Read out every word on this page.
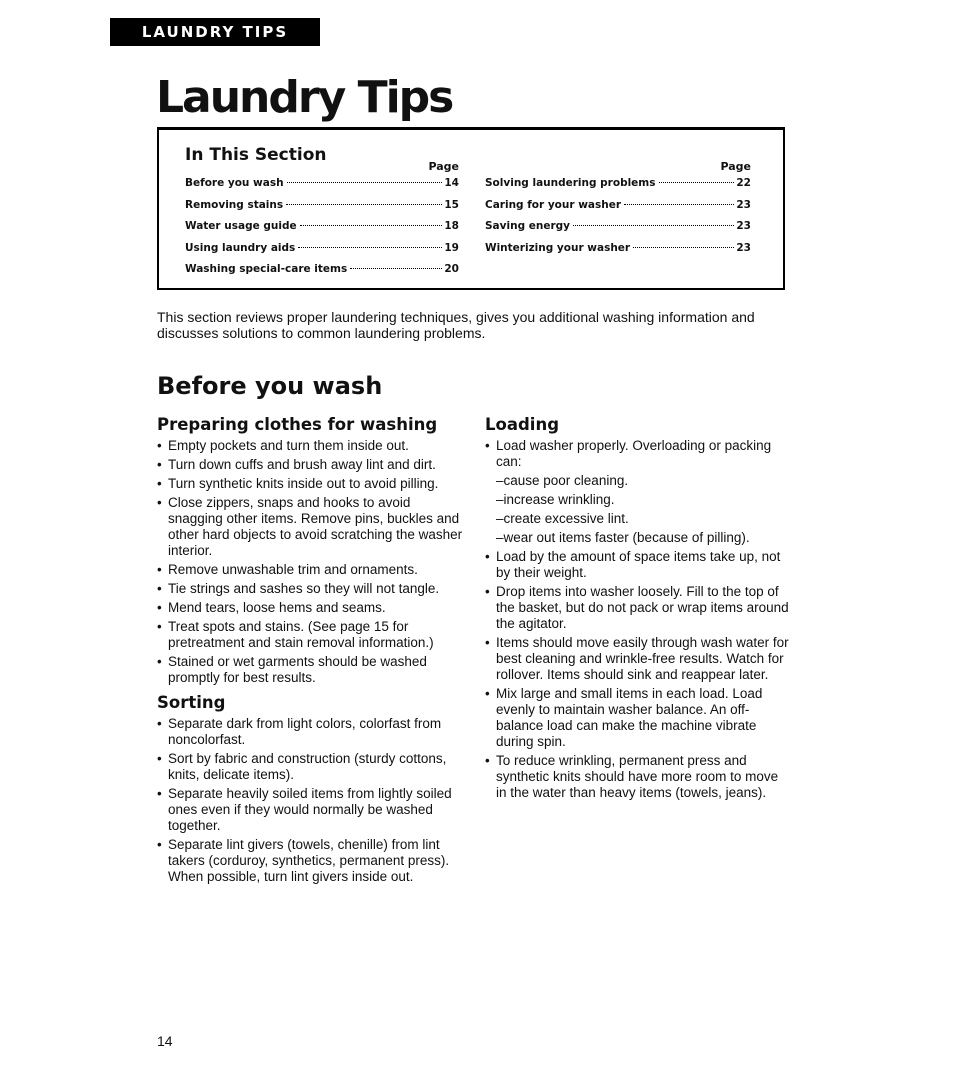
LAUNDRY TIPS
Laundry Tips
In This Section
Page
Before you wash	14
Removing stains	15
Water usage guide	18
Using laundry aids	19
Washing special-care items	20
Page
Solving laundering problems	22
Caring for your washer	23
Saving energy	23
Winterizing your washer	23

This section reviews proper laundering techniques, gives you additional washing information and discusses solutions to common laundering problems.

Before you wash
Preparing clothes for washing
• Empty pockets and turn them inside out.
• Turn down cuffs and brush away lint and dirt.
• Turn synthetic knits inside out to avoid pilling.
• Close zippers, snaps and hooks to avoid snagging other items. Remove pins, buckles and other hard objects to avoid scratching the washer interior.
• Remove unwashable trim and ornaments.
• Tie strings and sashes so they will not tangle.
• Mend tears, loose hems and seams.
• Treat spots and stains. (See page 15 for pretreatment and stain removal information.)
• Stained or wet garments should be washed promptly for best results.
Sorting
• Separate dark from light colors, colorfast from noncolorfast.
• Sort by fabric and construction (sturdy cottons, knits, delicate items).
• Separate heavily soiled items from lightly soiled ones even if they would normally be washed together.
• Separate lint givers (towels, chenille) from lint takers (corduroy, synthetics, permanent press). When possible, turn lint givers inside out.
Loading
• Load washer properly. Overloading or packing can:
–cause poor cleaning.
–increase wrinkling.
–create excessive lint.
–wear out items faster (because of pilling).
• Load by the amount of space items take up, not by their weight.
• Drop items into washer loosely. Fill to the top of the basket, but do not pack or wrap items around the agitator.
• Items should move easily through wash water for best cleaning and wrinkle-free results. Watch for rollover. Items should sink and reappear later.
• Mix large and small items in each load. Load evenly to maintain washer balance. An off-balance load can make the machine vibrate during spin.
• To reduce wrinkling, permanent press and synthetic knits should have more room to move in the water than heavy items (towels, jeans).
14
